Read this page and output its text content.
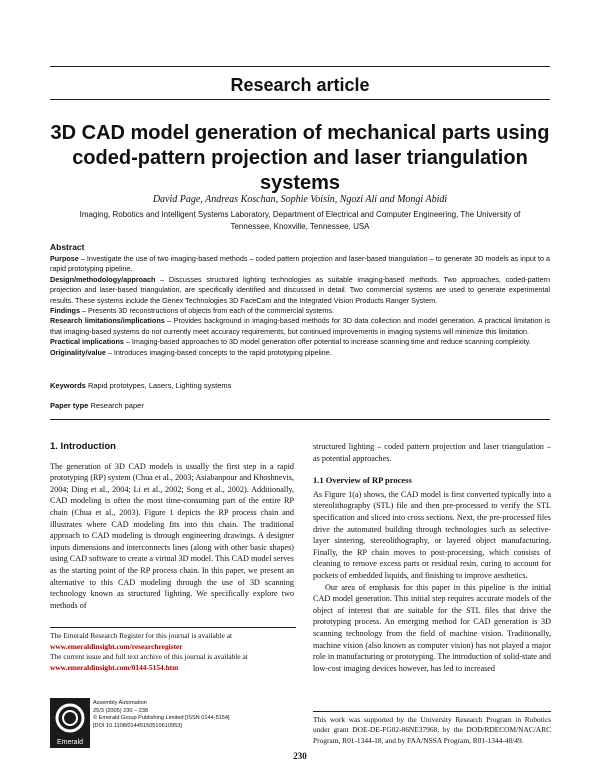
Research article
3D CAD model generation of mechanical parts using coded-pattern projection and laser triangulation systems
David Page, Andreas Koschan, Sophie Voisin, Ngozi Ali and Mongi Abidi
Imaging, Robotics and Intelligent Systems Laboratory, Department of Electrical and Computer Engineering, The University of Tennessee, Knoxville, Tennessee, USA
Abstract

Purpose – Investigate the use of two imaging-based methods – coded pattern projection and laser-based triangulation – to generate 3D models as input to a rapid prototyping pipeline.

Design/methodology/approach – Discusses structured lighting technologies as suitable imaging-based methods. Two approaches, coded-pattern projection and laser-based triangulation, are specifically identified and discussed in detail. Two commercial systems are used to generate experimental results. These systems include the Genex Technologies 3D FaceCam and the Integrated Vision Products Ranger System.

Findings – Presents 3D reconstructions of objects from each of the commercial systems.

Research limitations/implications – Provides background in imaging-based methods for 3D data collection and model generation. A practical limitation is that imaging-based systems do not currently meet accuracy requirements, but continued improvements in imaging systems will minimize this limitation.

Practical implications – Imaging-based approaches to 3D model generation offer potential to increase scanning time and reduce scanning complexity.

Originality/value – Introduces imaging-based concepts to the rapid prototyping pipeline.

Keywords Rapid prototypes, Lasers, Lighting systems
Paper type Research paper

1. Introduction

The generation of 3D CAD models is usually the first step in a rapid prototyping (RP) system (Chua et al., 2003; Asiabanpour and Khoshnevis, 2004; Ding et al., 2004; Li et al., 2002; Song et al., 2002). Additionally, CAD modeling is often the most time-consuming part of the entire RP chain (Chua et al., 2003). Figure 1 depicts the RP process chain and illustrates where CAD modeling fits into this chain. The traditional approach to CAD modeling is through engineering drawings. A designer inputs dimensions and interconnects lines (along with other basic shapes) using CAD software to create a virtual 3D model. This CAD model serves as the starting point of the RP process chain. In this paper, we present an alternative to this CAD modeling through the use of 3D scanning technology known as structured lighting. We specifically explore two methods of

structured lighting – coded pattern projection and laser triangulation – as potential approaches.

1.1 Overview of RP process

As Figure 1(a) shows, the CAD model is first converted typically into a stereolithography (STL) file and then pre-processed to verify the STL specification and sliced into cross sections. Next, the pre-processed files drive the automated building through technologies such as selective-layer sintering, stereolithography, or layered object manufacturing. Finally, the RP chain moves to post-processing, which consists of cleaning to remove excess parts or residual resin, curing to account for pockets of embedded liquids, and finishing to improve aesthetics.

Our area of emphasis for this paper in this pipeline is the initial CAD model generation. This initial step requires accurate models of the object of interest that are suitable for the STL files that drive the prototyping process. An emerging method for CAD generation is 3D scanning technology from the field of machine vision. Traditionally, machine vision (also known as computer vision) has not played a major role in manufacturing or prototyping. The introduction of solid-state and low-cost imaging devices however, has led to increased

The Emerald Research Register for this journal is available at
www.emeraldinsight.com/researchregister
The current issue and full text archive of this journal is available at
www.emeraldinsight.com/0144-5154.htm
Emerald
Assembly Automation
25/3 (2005) 230 – 238
© Emerald Group Publishing Limited [ISSN 0144-5154]
[DOI 10.1108/01445150510610953]
This work was supported by the University Research Program in Robotics under grant DOE-DE-FG02-86NE37968, by the DOD/RDECOM/NAC/ARC Program, R01-1344-18, and by FAA/NSSA Program, R01-1344-48/49.
230
